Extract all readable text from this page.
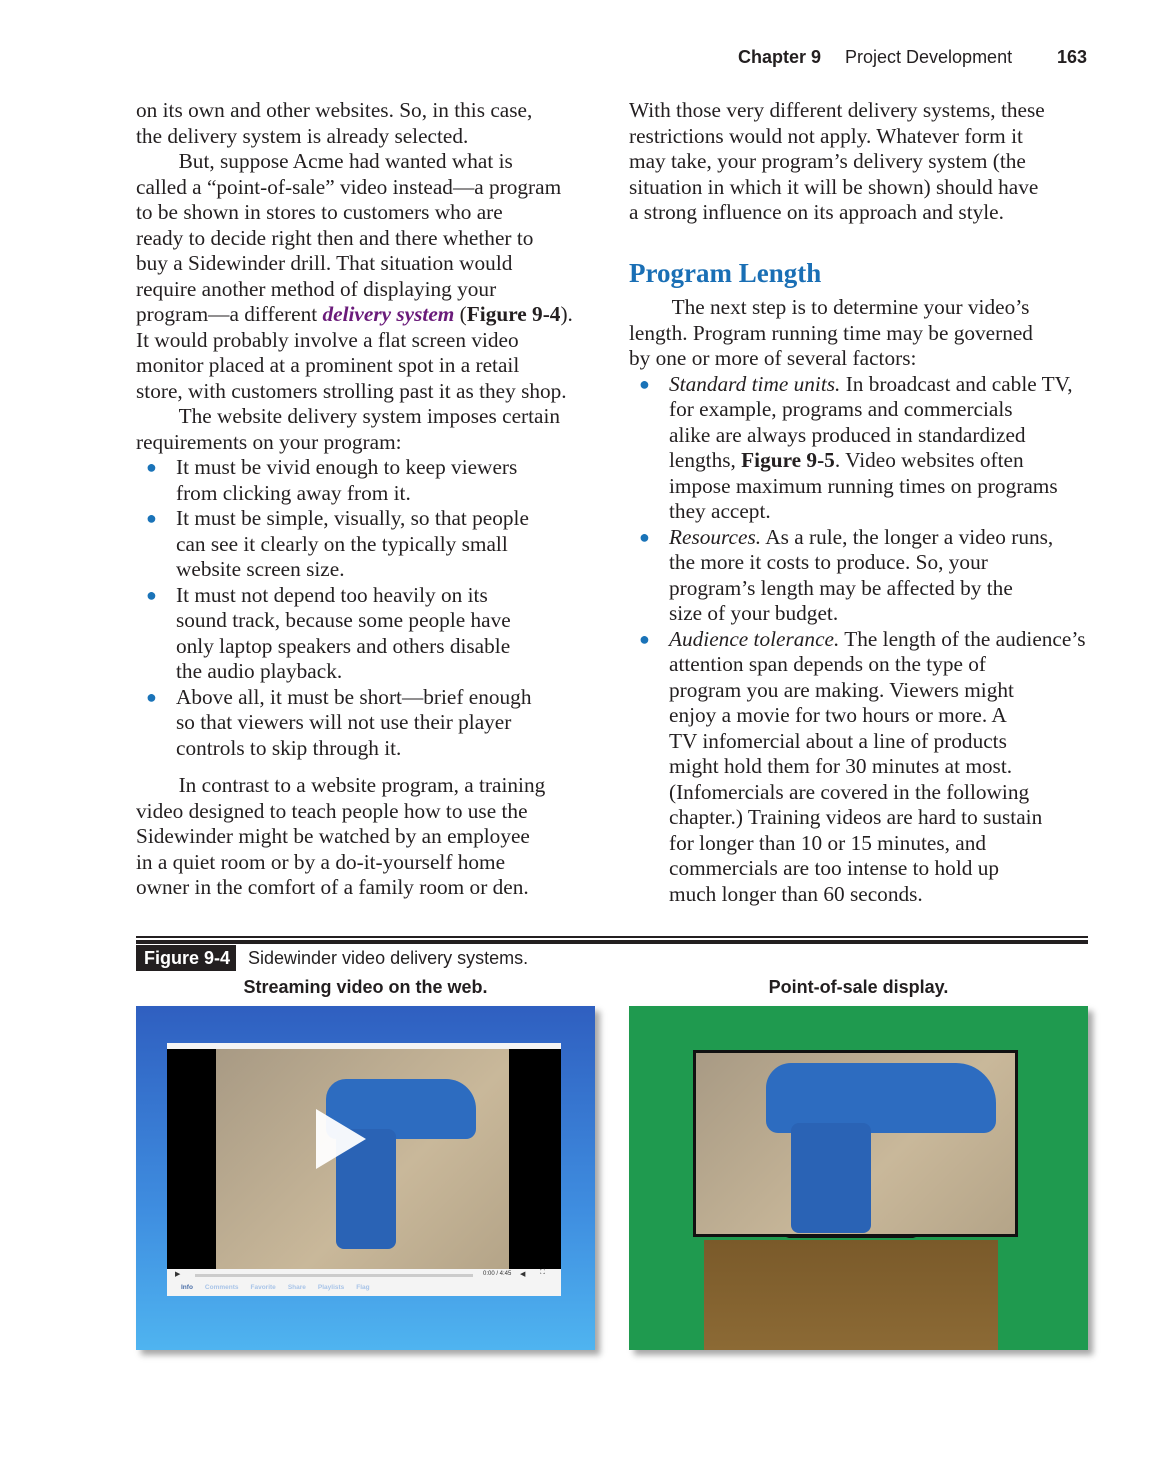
Chapter 9 Project Development 163
on its own and other websites. So, in this case,
the delivery system is already selected.
  But, suppose Acme had wanted what is
called a “point-of-sale” video instead—a program
to be shown in stores to customers who are
ready to decide right then and there whether to
buy a Sidewinder drill. That situation would
require another method of displaying your
program—a different delivery system (Figure 9-4).
It would probably involve a flat screen video
monitor placed at a prominent spot in a retail
store, with customers strolling past it as they shop.
  The website delivery system imposes certain
requirements on your program:
● It must be vivid enough to keep viewers
from clicking away from it.
● It must be simple, visually, so that people
can see it clearly on the typically small
website screen size.
● It must not depend too heavily on its
sound track, because some people have
only laptop speakers and others disable
the audio playback.
● Above all, it must be short—brief enough
so that viewers will not use their player
controls to skip through it.
  In contrast to a website program, a training
video designed to teach people how to use the
Sidewinder might be watched by an employee
in a quiet room or by a do-it-yourself home
owner in the comfort of a family room or den.
With those very different delivery systems, these
restrictions would not apply. Whatever form it
may take, your program’s delivery system (the
situation in which it will be shown) should have
a strong influence on its approach and style.
Program Length
  The next step is to determine your video’s
length. Program running time may be governed
by one or more of several factors:
● Standard time units. In broadcast and cable TV,
for example, programs and commercials
alike are always produced in standardized
lengths, Figure 9-5. Video websites often
impose maximum running times on programs
they accept.
● Resources. As a rule, the longer a video runs,
the more it costs to produce. So, your
program’s length may be affected by the
size of your budget.
● Audience tolerance. The length of the audience’s
attention span depends on the type of
program you are making. Viewers might
enjoy a movie for two hours or more. A
TV infomercial about a line of products
might hold them for 30 minutes at most.
(Infomercials are covered in the following
chapter.) Training videos are hard to sustain
for longer than 10 or 15 minutes, and
commercials are too intense to hold up
much longer than 60 seconds.
Figure 9-4 Sidewinder video delivery systems.
Streaming video on the web.	Point-of-sale display.
▶	0:00 / 4:45 ◀ ⛶
Info Comments Favorite Share Playlists Flag
